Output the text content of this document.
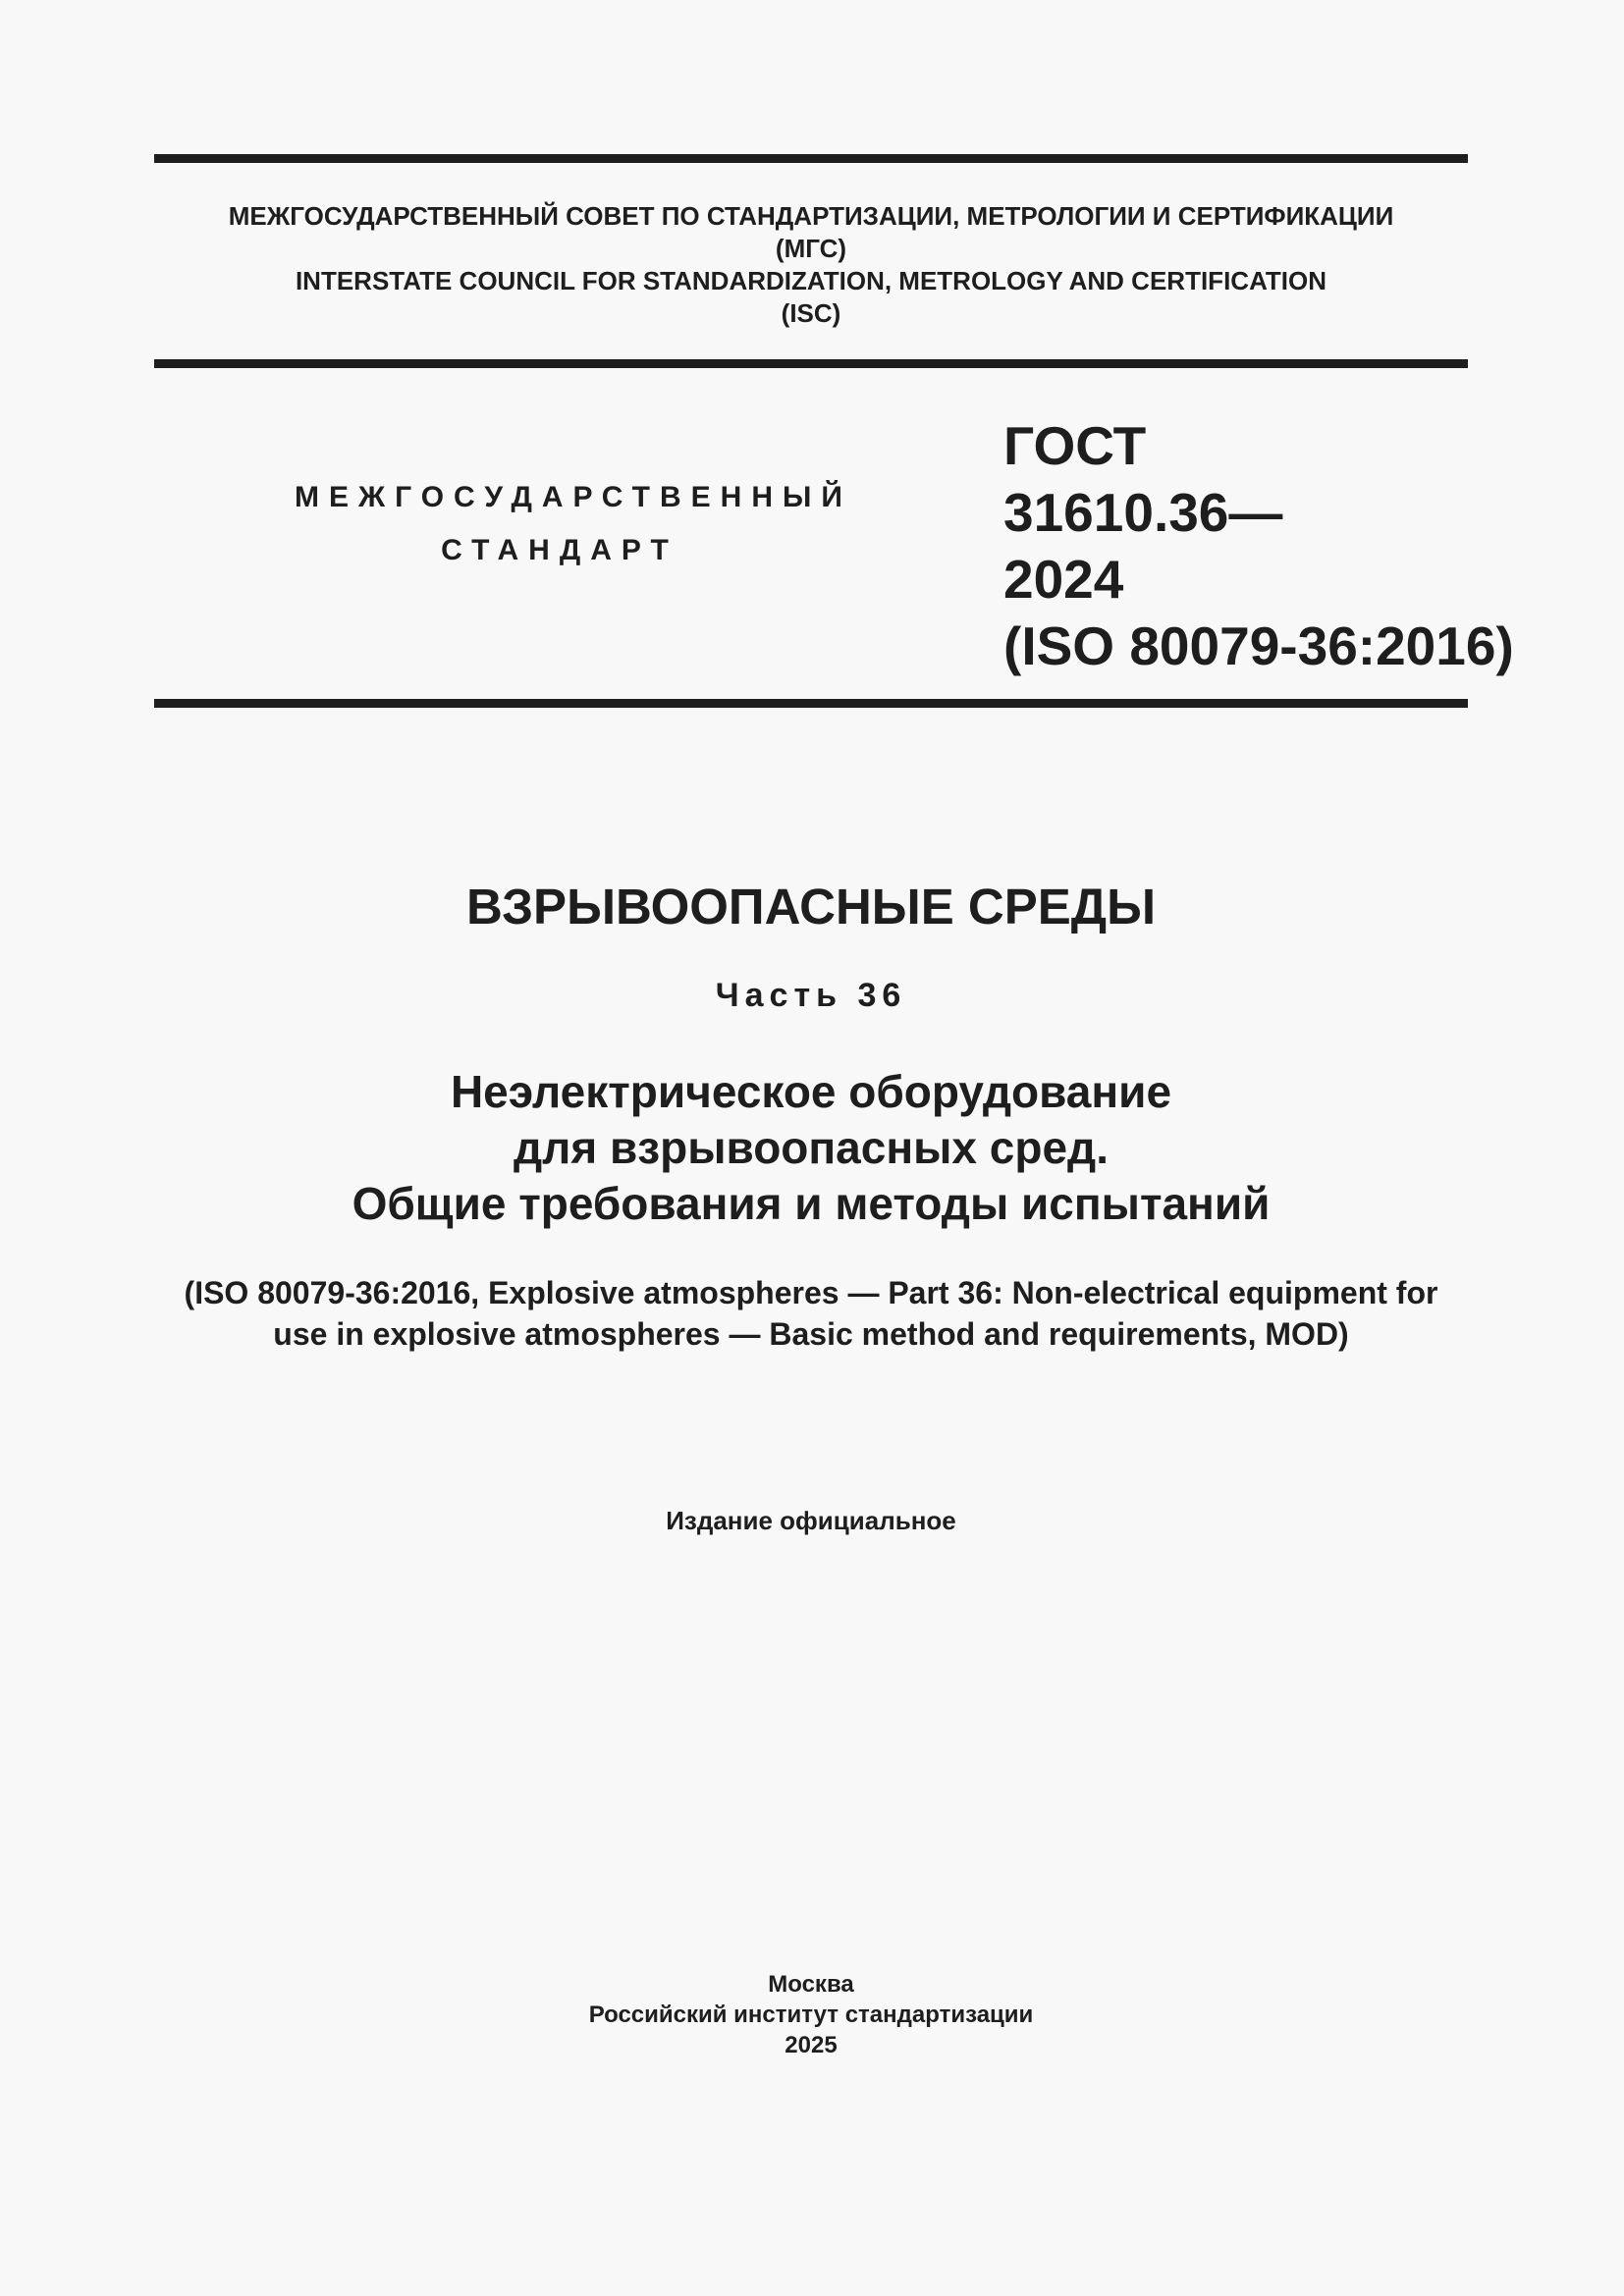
МЕЖГОСУДАРСТВЕННЫЙ СОВЕТ ПО СТАНДАРТИЗАЦИИ, МЕТРОЛОГИИ И СЕРТИФИКАЦИИ
(МГС)
INTERSTATE COUNCIL FOR STANDARDIZATION, METROLOGY AND CERTIFICATION
(ISC)
МЕЖГОСУДАРСТВЕННЫЙ
СТАНДАРТ
ГОСТ
31610.36—
2024
(ISO 80079-36:2016)
ВЗРЫВООПАСНЫЕ СРЕДЫ
Часть 36
Неэлектрическое оборудование
для взрывоопасных сред.
Общие требования и методы испытаний
(ISO 80079-36:2016, Explosive atmospheres — Part 36: Non-electrical equipment for
use in explosive atmospheres — Basic method and requirements, MOD)
Издание официальное
Москва
Российский институт стандартизации
2025
